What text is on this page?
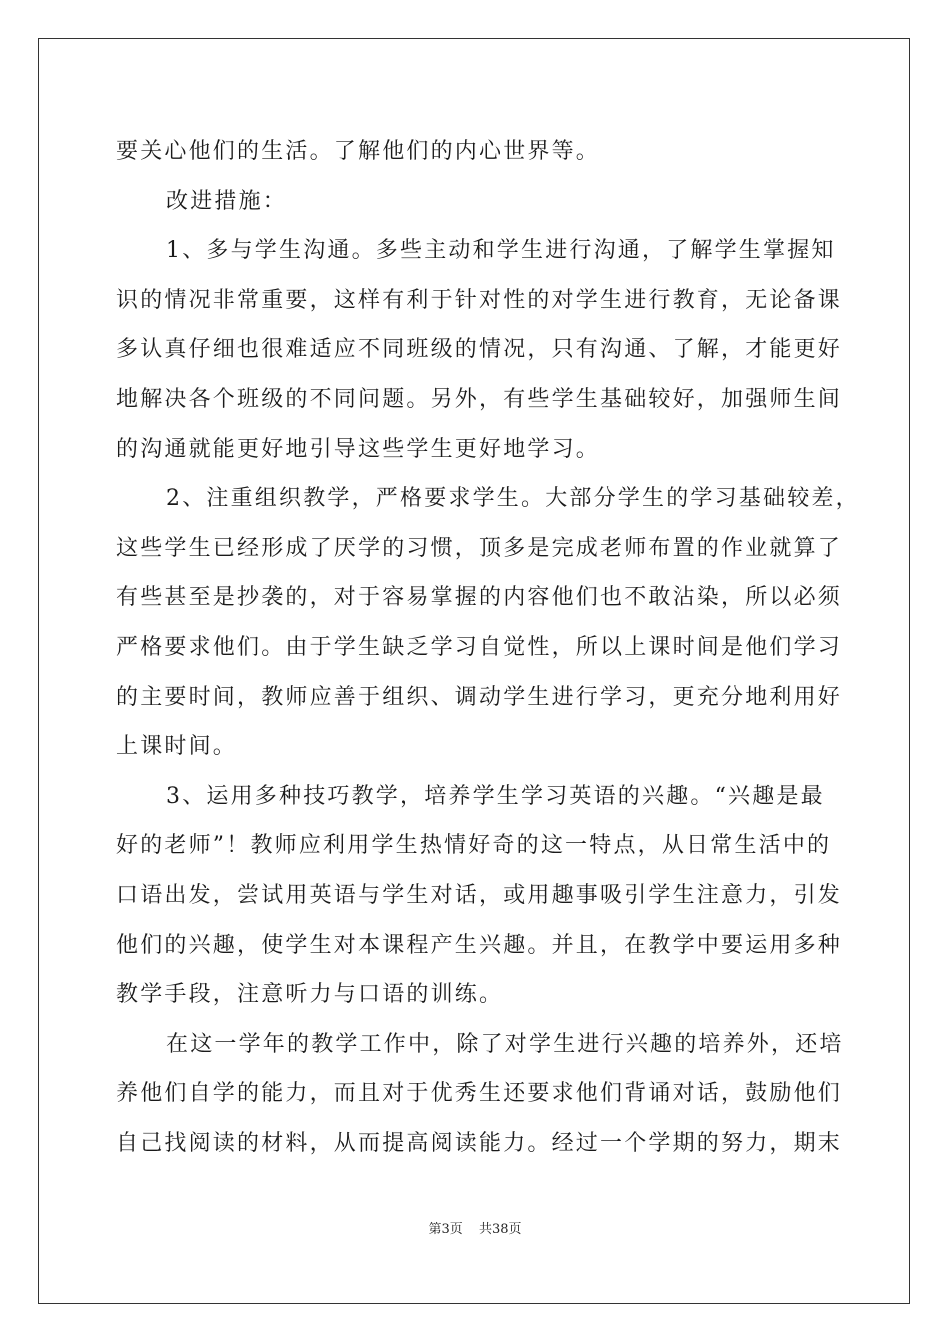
要关心他们的生活。了解他们的内心世界等。
改进措施：
1、多与学生沟通。多些主动和学生进行沟通，了解学生掌握知
识的情况非常重要，这样有利于针对性的对学生进行教育，无论备课
多认真仔细也很难适应不同班级的情况，只有沟通、了解，才能更好
地解决各个班级的不同问题。另外，有些学生基础较好，加强师生间
的沟通就能更好地引导这些学生更好地学习。
2、注重组织教学，严格要求学生。大部分学生的学习基础较差，
这些学生已经形成了厌学的习惯，顶多是完成老师布置的作业就算了
有些甚至是抄袭的，对于容易掌握的内容他们也不敢沾染，所以必须
严格要求他们。由于学生缺乏学习自觉性，所以上课时间是他们学习
的主要时间，教师应善于组织、调动学生进行学习，更充分地利用好
上课时间。
3、运用多种技巧教学，培养学生学习英语的兴趣。“兴趣是最
好的老师”！教师应利用学生热情好奇的这一特点，从日常生活中的
口语出发，尝试用英语与学生对话，或用趣事吸引学生注意力，引发
他们的兴趣，使学生对本课程产生兴趣。并且，在教学中要运用多种
教学手段，注意听力与口语的训练。
在这一学年的教学工作中，除了对学生进行兴趣的培养外，还培
养他们自学的能力，而且对于优秀生还要求他们背诵对话，鼓励他们
自己找阅读的材料，从而提高阅读能力。经过一个学期的努力，期末
第3页 共38页
